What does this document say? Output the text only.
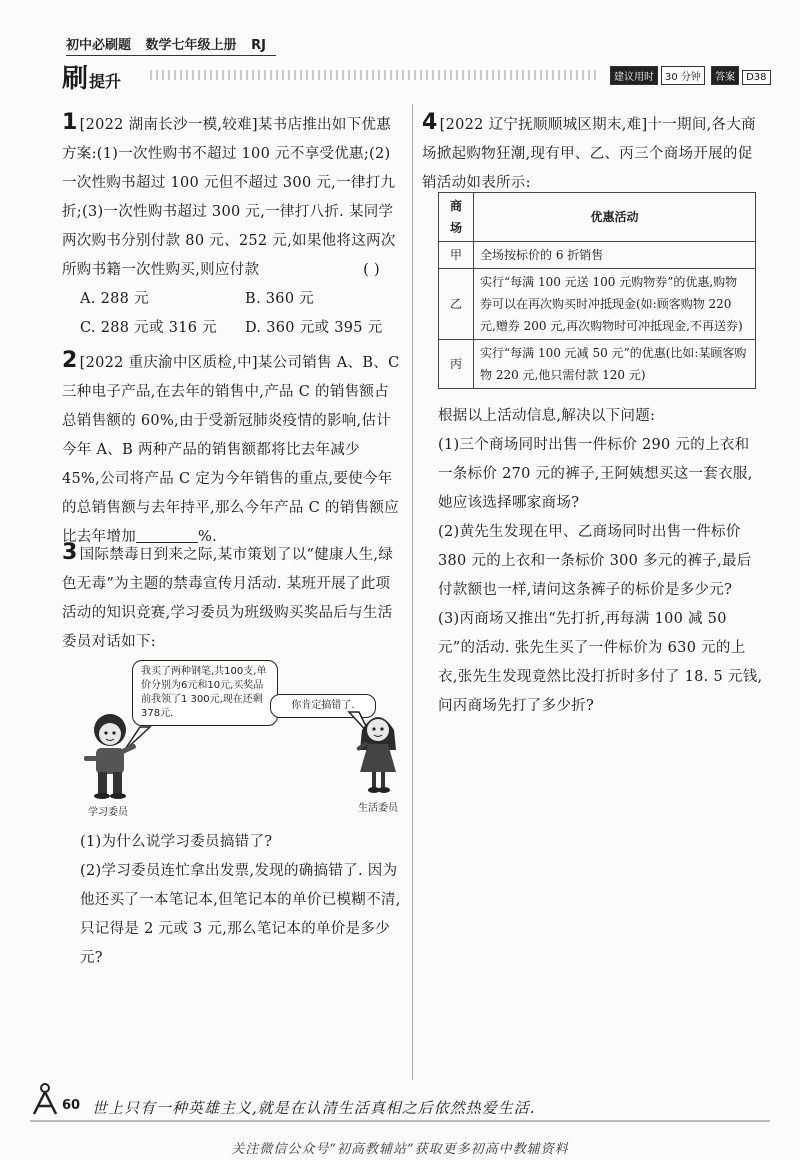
初中必刷题 数学七年级上册 RJ
刷提升	建议用时 30 分钟 答案 D38
1 [2022 湖南长沙一模,较难]某书店推出如下优惠方案:(1)一次性购书不超过 100 元不享受优惠;(2)一次性购书超过 100 元但不超过 300 元,一律打九折;(3)一次性购书超过 300 元,一律打八折. 某同学两次购书分别付款 80 元、252 元,如果他将这两次所购书籍一次性购买,则应付款	( )
A. 288 元	B. 360 元
C. 288 元或 316 元	D. 360 元或 395 元
2 [2022 重庆渝中区质检,中]某公司销售 A、B、C 三种电子产品,在去年的销售中,产品 C 的销售额占总销售额的 60%,由于受新冠肺炎疫情的影响,估计今年 A、B 两种产品的销售额都将比去年减少 45%,公司将产品 C 定为今年销售的重点,要使今年的总销售额与去年持平,那么今年产品 C 的销售额应比去年增加	%.
3 国际禁毒日到来之际,某市策划了以“健康人生,绿色无毒”为主题的禁毒宣传月活动. 某班开展了此项活动的知识竞赛,学习委员为班级购买奖品后与生活委员对话如下:
我买了两种钢笔,共100支,单价分别为6元和10元,买奖品前我领了1 300元,现在还剩378元.
你肯定搞错了.
学习委员	生活委员
(1)为什么说学习委员搞错了?
(2)学习委员连忙拿出发票,发现的确搞错了. 因为他还买了一本笔记本,但笔记本的单价已模糊不清,只记得是 2 元或 3 元,那么笔记本的单价是多少元?
4 [2022 辽宁抚顺顺城区期末,难]十一期间,各大商场掀起购物狂潮,现有甲、乙、丙三个商场开展的促销活动如表所示:
商场	优惠活动
甲	全场按标价的 6 折销售
乙	实行“每满 100 元送 100 元购物券”的优惠,购物券可以在再次购买时冲抵现金(如:顾客购物 220 元,赠券 200 元,再次购物时可冲抵现金,不再送券)
丙	实行“每满 100 元减 50 元”的优惠(比如:某顾客购物 220 元,他只需付款 120 元)
根据以上活动信息,解决以下问题:
(1)三个商场同时出售一件标价 290 元的上衣和一条标价 270 元的裤子,王阿姨想买这一套衣服,她应该选择哪家商场?
(2)黄先生发现在甲、乙商场同时出售一件标价 380 元的上衣和一条标价 300 多元的裤子,最后付款额也一样,请问这条裤子的标价是多少元?
(3)丙商场又推出“先打折,再每满 100 减 50 元”的活动. 张先生买了一件标价为 630 元的上衣,张先生发现竟然比没打折时多付了 18. 5 元钱,问丙商场先打了多少折?
60 世上只有一种英雄主义,就是在认清生活真相之后依然热爱生活.
关注微信公众号“初高教辅站”获取更多初高中教辅资料
